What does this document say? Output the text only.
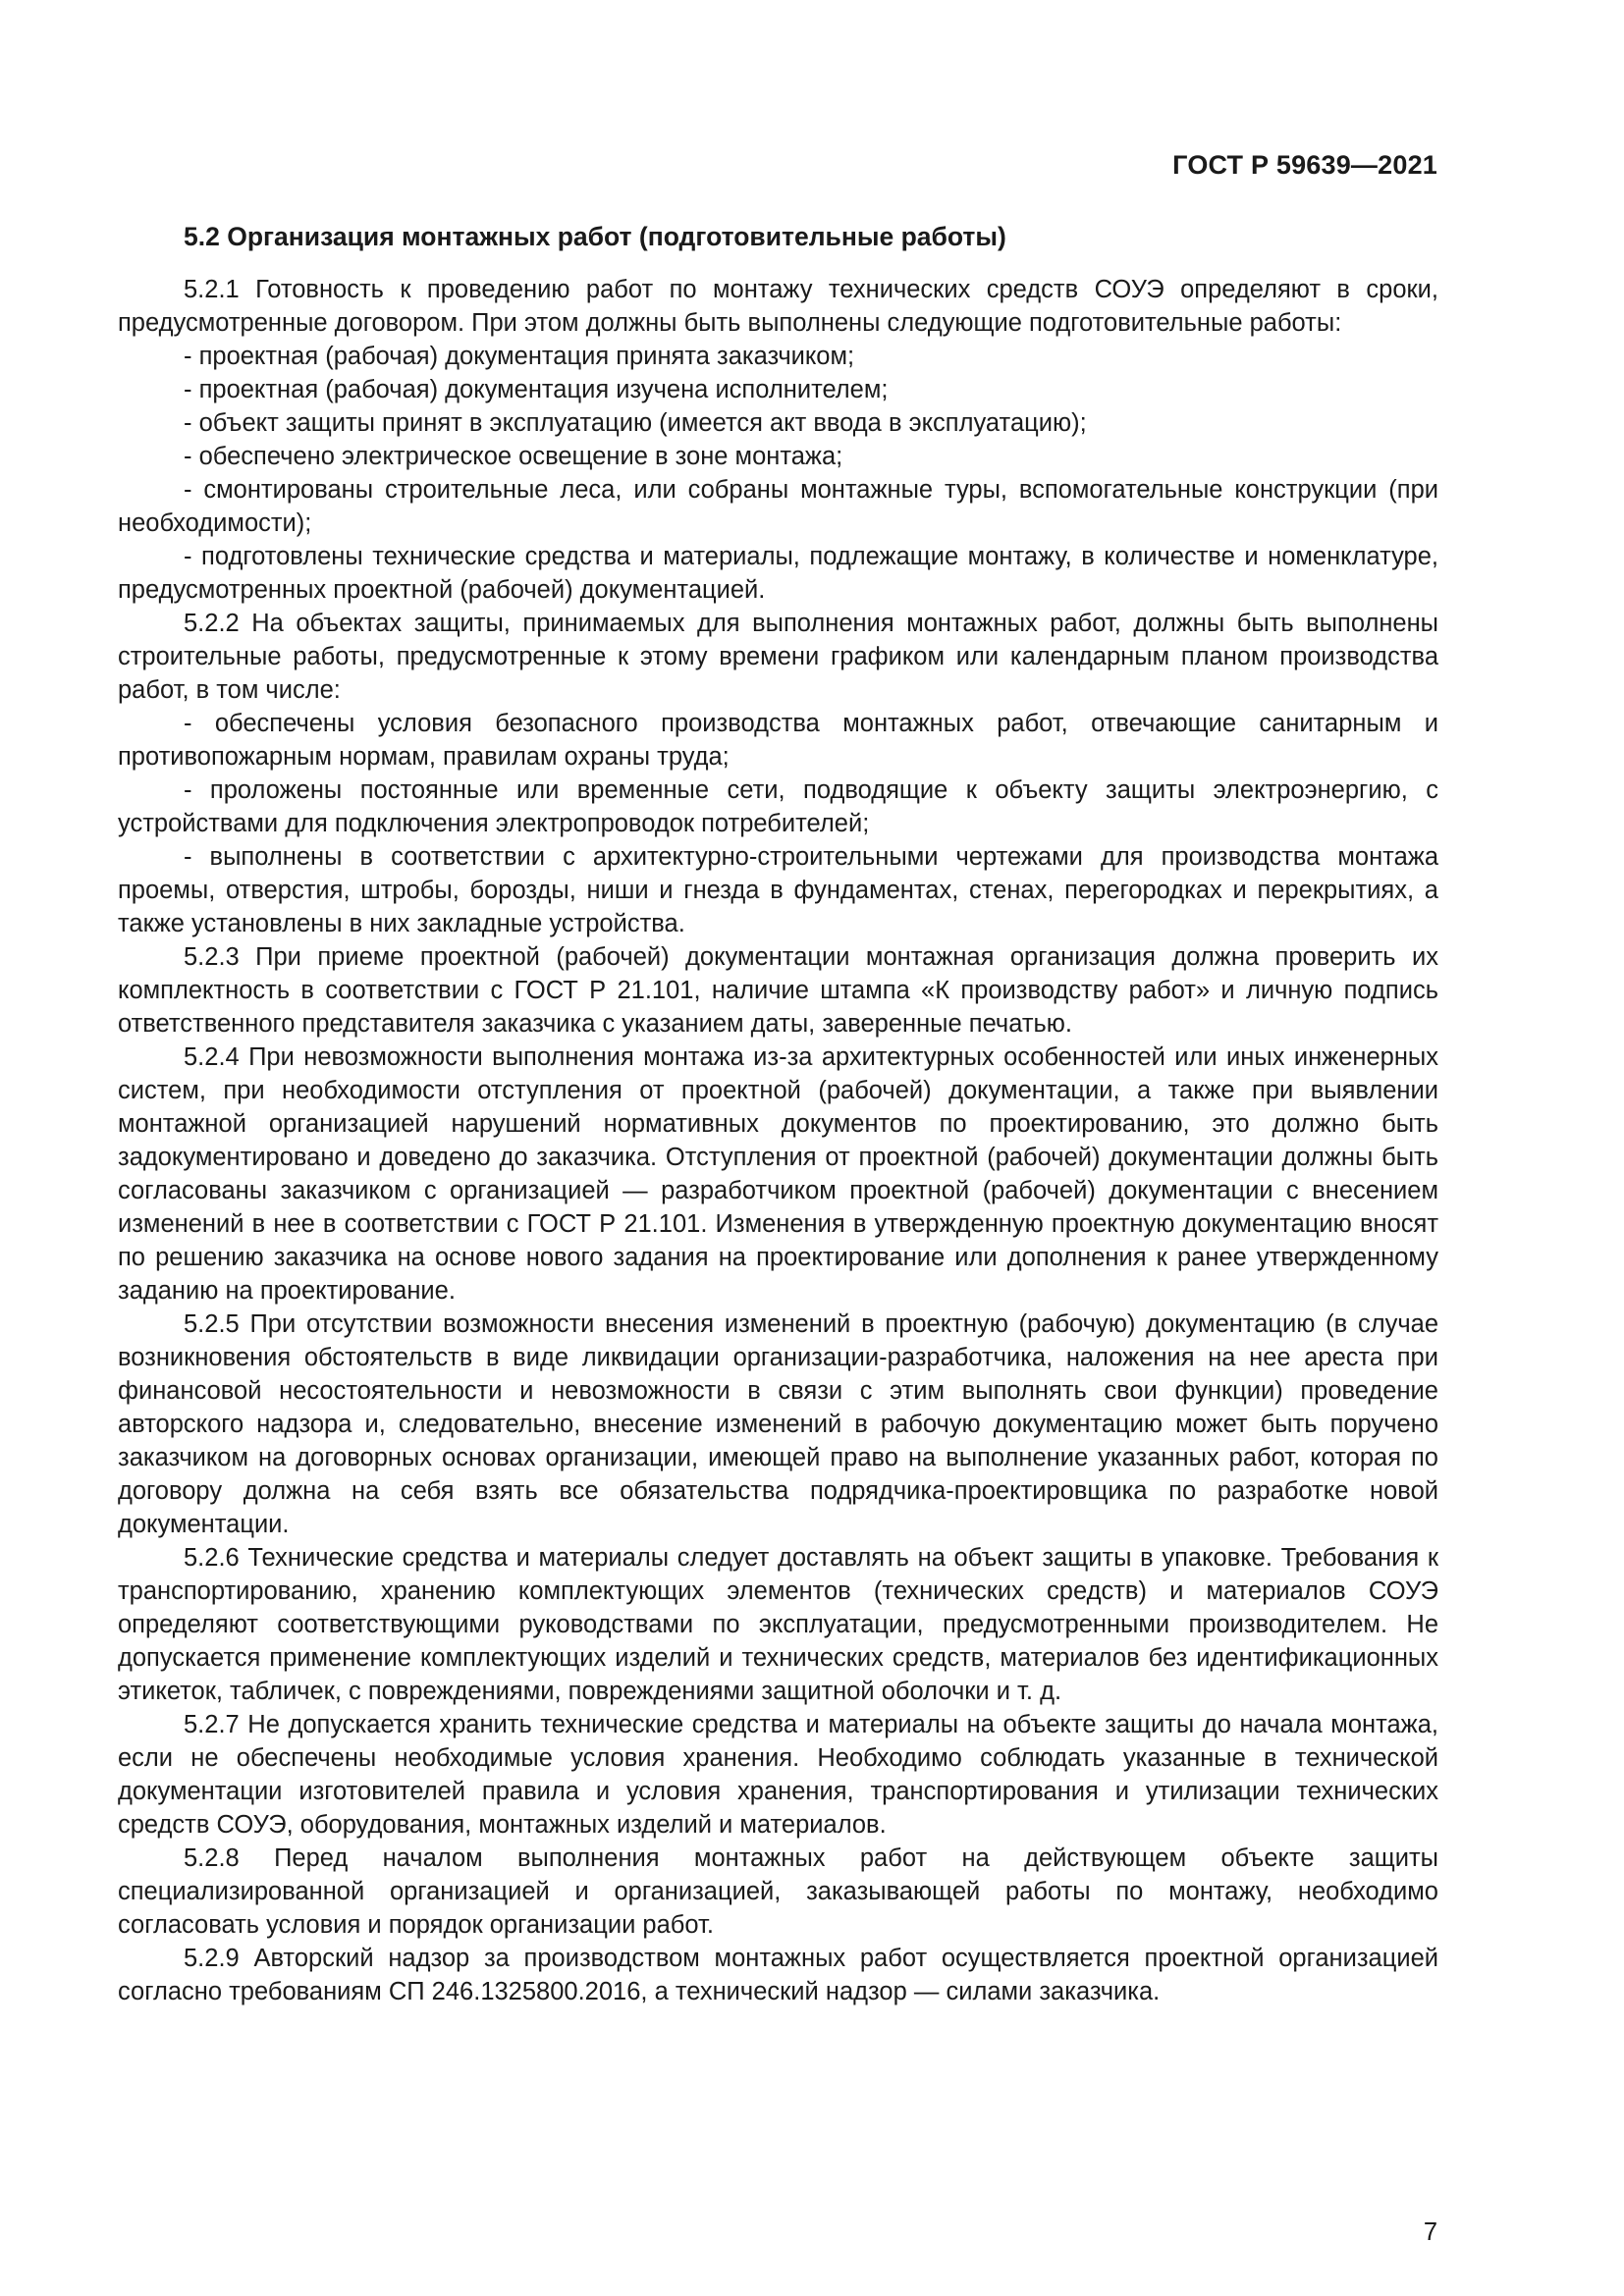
ГОСТ Р 59639—2021
5.2 Организация монтажных работ (подготовительные работы)

5.2.1 Готовность к проведению работ по монтажу технических средств СОУЭ определяют в сроки, предусмотренные договором. При этом должны быть выполнены следующие подготовительные работы:

- проектная (рабочая) документация принята заказчиком;

- проектная (рабочая) документация изучена исполнителем;

- объект защиты принят в эксплуатацию (имеется акт ввода в эксплуатацию);

- обеспечено электрическое освещение в зоне монтажа;

- смонтированы строительные леса, или собраны монтажные туры, вспомогательные конструкции (при необходимости);

- подготовлены технические средства и материалы, подлежащие монтажу, в количестве и номенклатуре, предусмотренных проектной (рабочей) документацией.

5.2.2 На объектах защиты, принимаемых для выполнения монтажных работ, должны быть выполнены строительные работы, предусмотренные к этому времени графиком или календарным планом производства работ, в том числе:

- обеспечены условия безопасного производства монтажных работ, отвечающие санитарным и противопожарным нормам, правилам охраны труда;

- проложены постоянные или временные сети, подводящие к объекту защиты электроэнергию, с устройствами для подключения электропроводок потребителей;

- выполнены в соответствии с архитектурно-строительными чертежами для производства монтажа проемы, отверстия, штробы, борозды, ниши и гнезда в фундаментах, стенах, перегородках и перекрытиях, а также установлены в них закладные устройства.

5.2.3 При приеме проектной (рабочей) документации монтажная организация должна проверить их комплектность в соответствии с ГОСТ Р 21.101, наличие штампа «К производству работ» и личную подпись ответственного представителя заказчика с указанием даты, заверенные печатью.

5.2.4 При невозможности выполнения монтажа из-за архитектурных особенностей или иных инженерных систем, при необходимости отступления от проектной (рабочей) документации, а также при выявлении монтажной организацией нарушений нормативных документов по проектированию, это должно быть задокументировано и доведено до заказчика. Отступления от проектной (рабочей) документации должны быть согласованы заказчиком с организацией — разработчиком проектной (рабочей) документации с внесением изменений в нее в соответствии с ГОСТ Р 21.101. Изменения в утвержденную проектную документацию вносят по решению заказчика на основе нового задания на проектирование или дополнения к ранее утвержденному заданию на проектирование.

5.2.5 При отсутствии возможности внесения изменений в проектную (рабочую) документацию (в случае возникновения обстоятельств в виде ликвидации организации-разработчика, наложения на нее ареста при финансовой несостоятельности и невозможности в связи с этим выполнять свои функции) проведение авторского надзора и, следовательно, внесение изменений в рабочую документацию может быть поручено заказчиком на договорных основах организации, имеющей право на выполнение указанных работ, которая по договору должна на себя взять все обязательства подрядчика-проектировщика по разработке новой документации.

5.2.6 Технические средства и материалы следует доставлять на объект защиты в упаковке. Требования к транспортированию, хранению комплектующих элементов (технических средств) и материалов СОУЭ определяют соответствующими руководствами по эксплуатации, предусмотренными производителем. Не допускается применение комплектующих изделий и технических средств, материалов без идентификационных этикеток, табличек, с повреждениями, повреждениями защитной оболочки и т. д.

5.2.7 Не допускается хранить технические средства и материалы на объекте защиты до начала монтажа, если не обеспечены необходимые условия хранения. Необходимо соблюдать указанные в технической документации изготовителей правила и условия хранения, транспортирования и утилизации технических средств СОУЭ, оборудования, монтажных изделий и материалов.

5.2.8 Перед началом выполнения монтажных работ на действующем объекте защиты специализированной организацией и организацией, заказывающей работы по монтажу, необходимо согласовать условия и порядок организации работ.

5.2.9 Авторский надзор за производством монтажных работ осуществляется проектной организацией согласно требованиям СП 246.1325800.2016, а технический надзор — силами заказчика.

7
